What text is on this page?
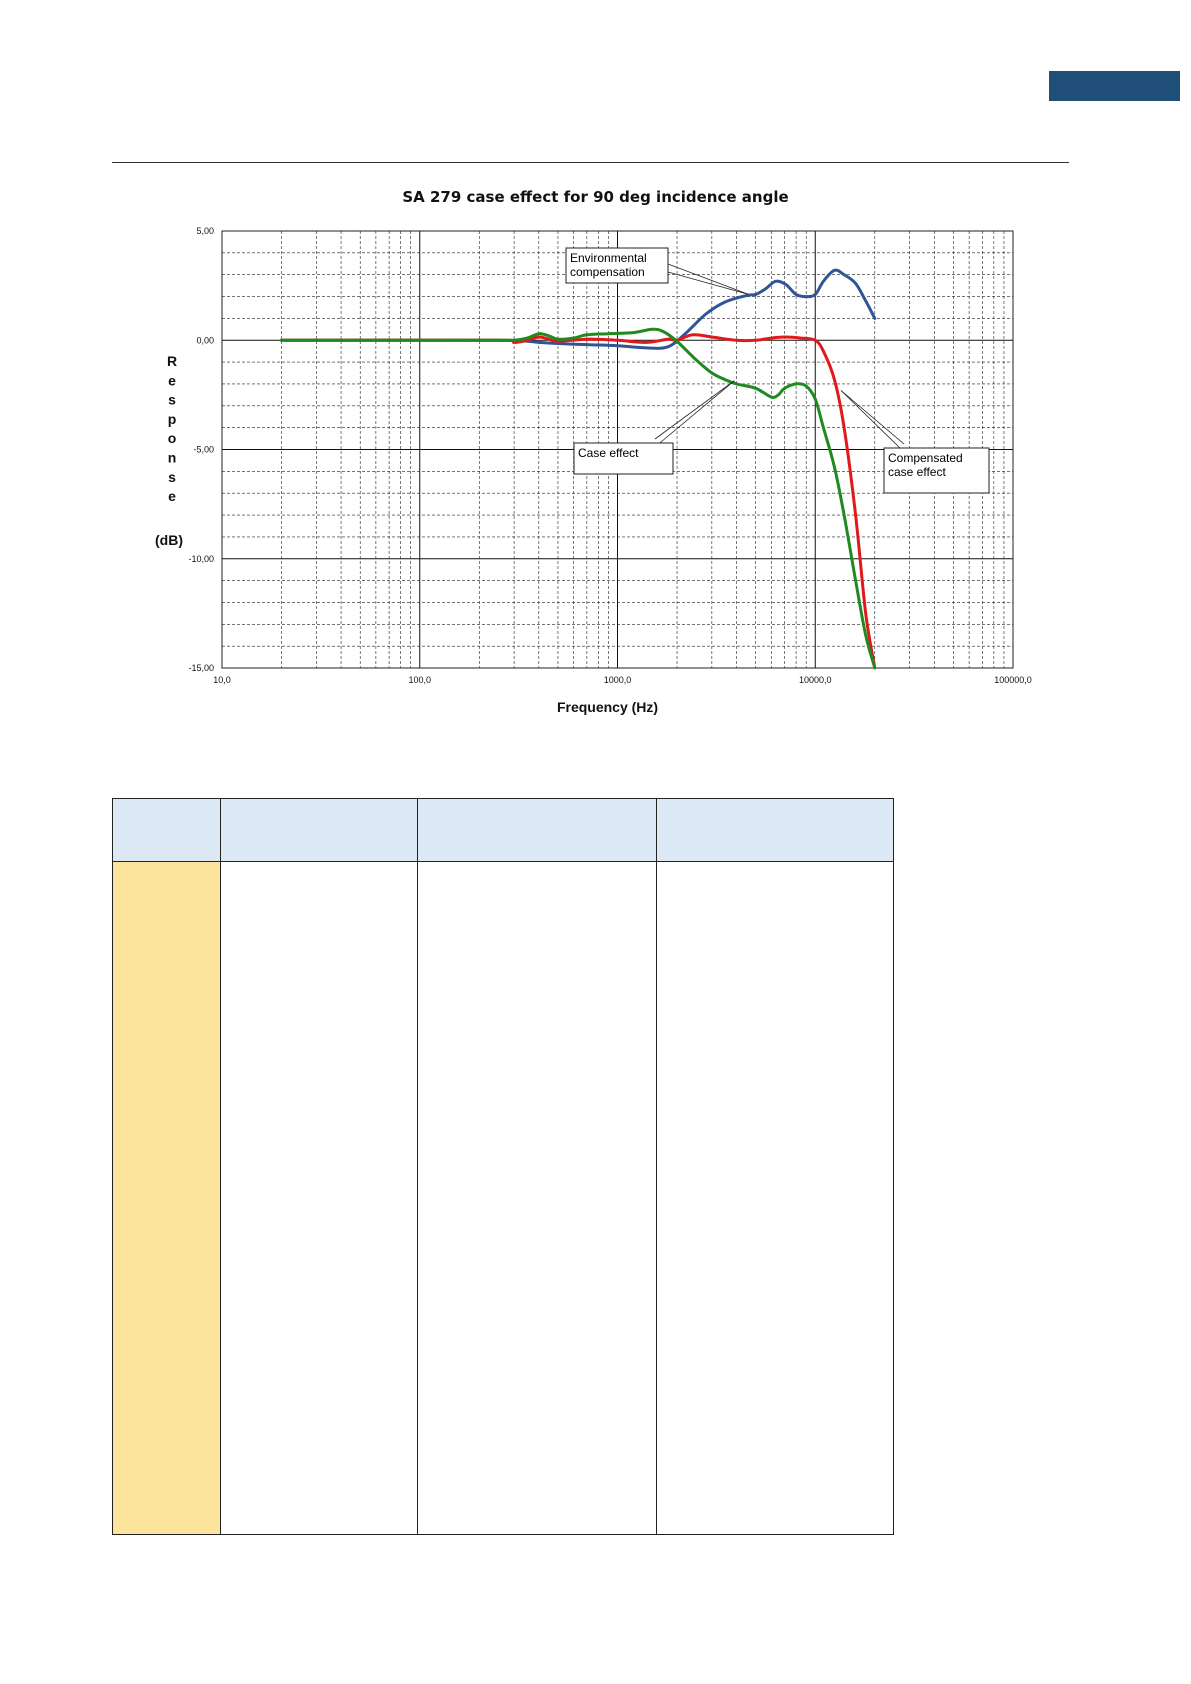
SA 279 case effect for 90 deg incidence angle
10,0	100,0	1000,0	10000,0	100000,0
5,00
0,00
-5,00
-10,00
-15,00
Environmental
compensation
Case effect	Compensated
case effect
Frequency (Hz)
R
e
s
p
o
n
s
e
(dB)
